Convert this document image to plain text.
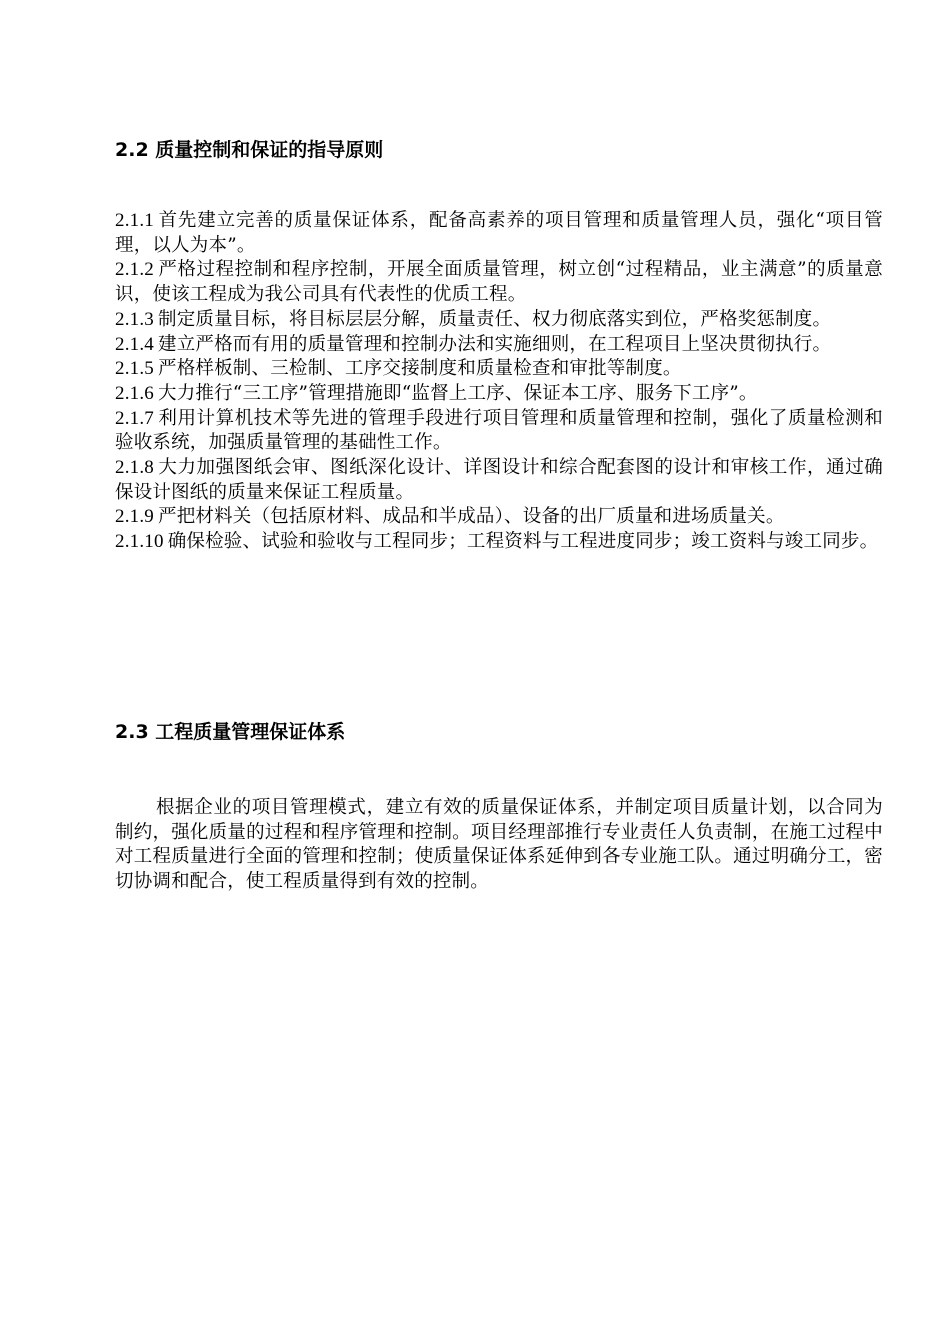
2.2 质量控制和保证的指导原则

2.1.1 首先建立完善的质量保证体系，配备高素养的项目管理和质量管理人员，强化“项目管理，以人为本”。

2.1.2 严格过程控制和程序控制，开展全面质量管理，树立创“过程精品，业主满意”的质量意识，使该工程成为我公司具有代表性的优质工程。

2.1.3 制定质量目标，将目标层层分解，质量责任、权力彻底落实到位，严格奖惩制度。

2.1.4 建立严格而有用的质量管理和控制办法和实施细则，在工程项目上坚决贯彻执行。

2.1.5 严格样板制、三检制、工序交接制度和质量检查和审批等制度。

2.1.6 大力推行“三工序”管理措施即“监督上工序、保证本工序、服务下工序”。

2.1.7 利用计算机技术等先进的管理手段进行项目管理和质量管理和控制，强化了质量检测和验收系统，加强质量管理的基础性工作。

2.1.8 大力加强图纸会审、图纸深化设计、详图设计和综合配套图的设计和审核工作，通过确保设计图纸的质量来保证工程质量。

2.1.9 严把材料关（包括原材料、成品和半成品）、设备的出厂质量和进场质量关。

2.1.10 确保检验、试验和验收与工程同步；工程资料与工程进度同步；竣工资料与竣工同步。

2.3 工程质量管理保证体系

根据企业的项目管理模式，建立有效的质量保证体系，并制定项目质量计划，以合同为制约，强化质量的过程和程序管理和控制。项目经理部推行专业责任人负责制，在施工过程中对工程质量进行全面的管理和控制；使质量保证体系延伸到各专业施工队。通过明确分工，密切协调和配合，使工程质量得到有效的控制。
